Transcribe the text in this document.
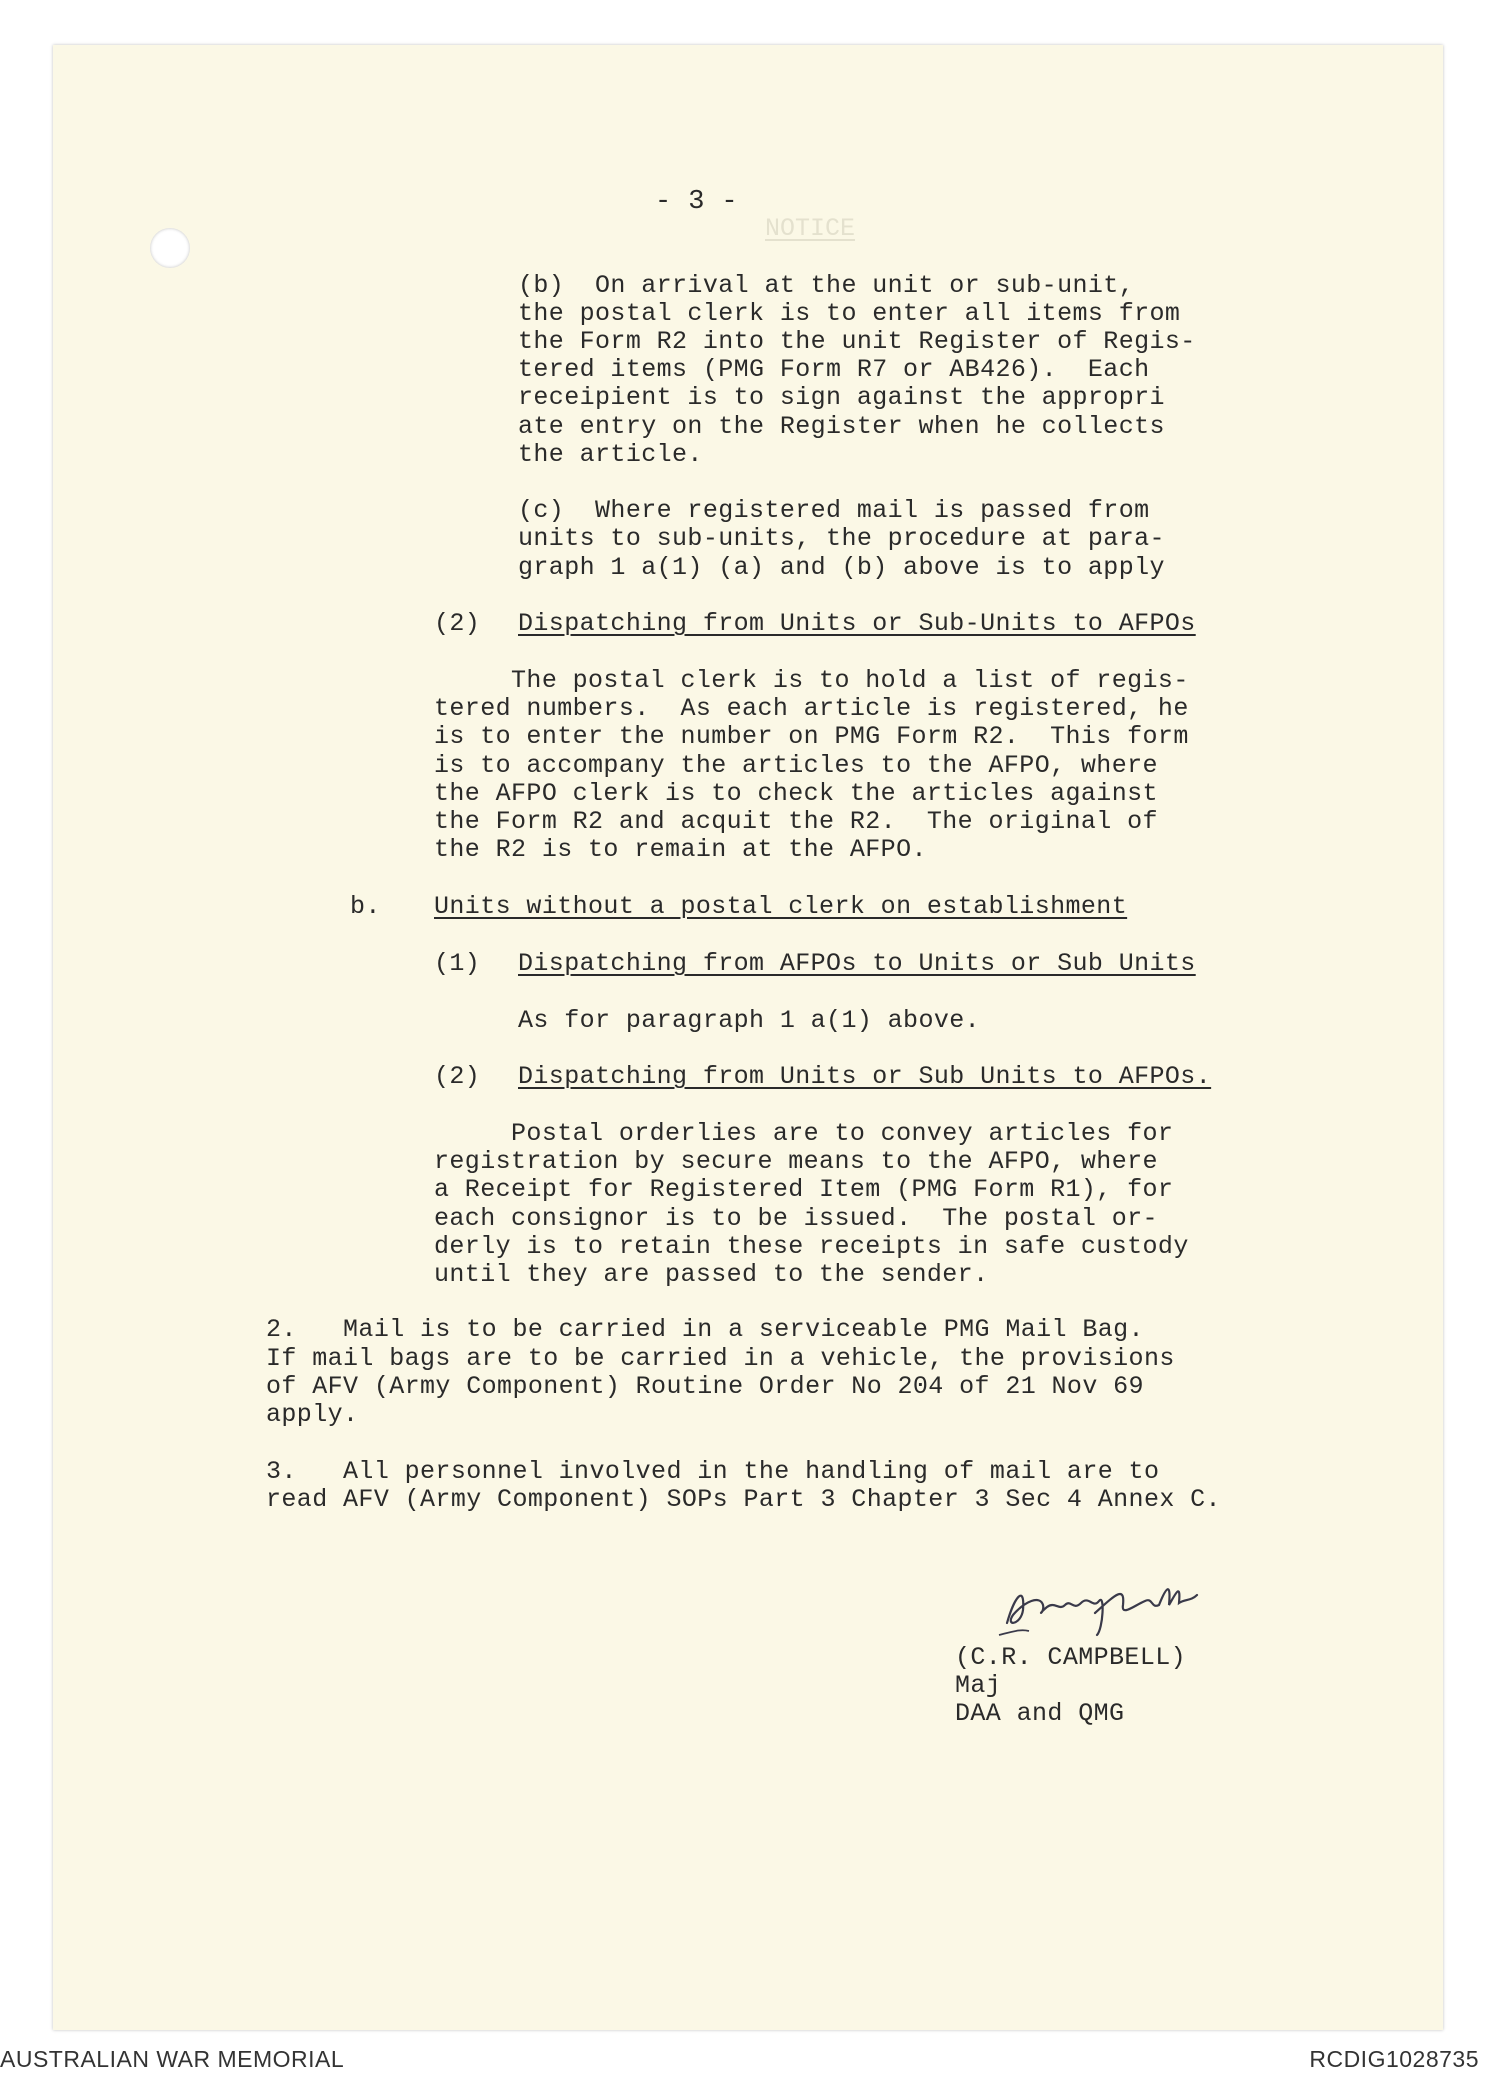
NOTICE
- 3 -
(b)  On arrival at the unit or sub-unit,
the postal clerk is to enter all items from
the Form R2 into the unit Register of Regis-
tered items (PMG Form R7 or AB426).  Each
receipient is to sign against the appropri
ate entry on the Register when he collects
the article.
(c)  Where registered mail is passed from
units to sub-units, the procedure at para-
graph 1 a(1) (a) and (b) above is to apply
(2) Dispatching from Units or Sub-Units to AFPOs
The postal clerk is to hold a list of regis-
tered numbers.  As each article is registered, he
is to enter the number on PMG Form R2.  This form
is to accompany the articles to the AFPO, where
the AFPO clerk is to check the articles against
the Form R2 and acquit the R2.  The original of
the R2 is to remain at the AFPO.
b. Units without a postal clerk on establishment
(1) Dispatching from AFPOs to Units or Sub Units
As for paragraph 1 a(1) above.
(2) Dispatching from Units or Sub Units to AFPOs.
Postal orderlies are to convey articles for
registration by secure means to the AFPO, where
a Receipt for Registered Item (PMG Form R1), for
each consignor is to be issued.  The postal or-
derly is to retain these receipts in safe custody
until they are passed to the sender.
2.   Mail is to be carried in a serviceable PMG Mail Bag.
If mail bags are to be carried in a vehicle, the provisions
of AFV (Army Component) Routine Order No 204 of 21 Nov 69
apply.
3.   All personnel involved in the handling of mail are to
read AFV (Army Component) SOPs Part 3 Chapter 3 Sec 4 Annex C.
(C.R. CAMPBELL)
Maj
DAA and QMG
AUSTRALIAN WAR MEMORIAL	RCDIG1028735
